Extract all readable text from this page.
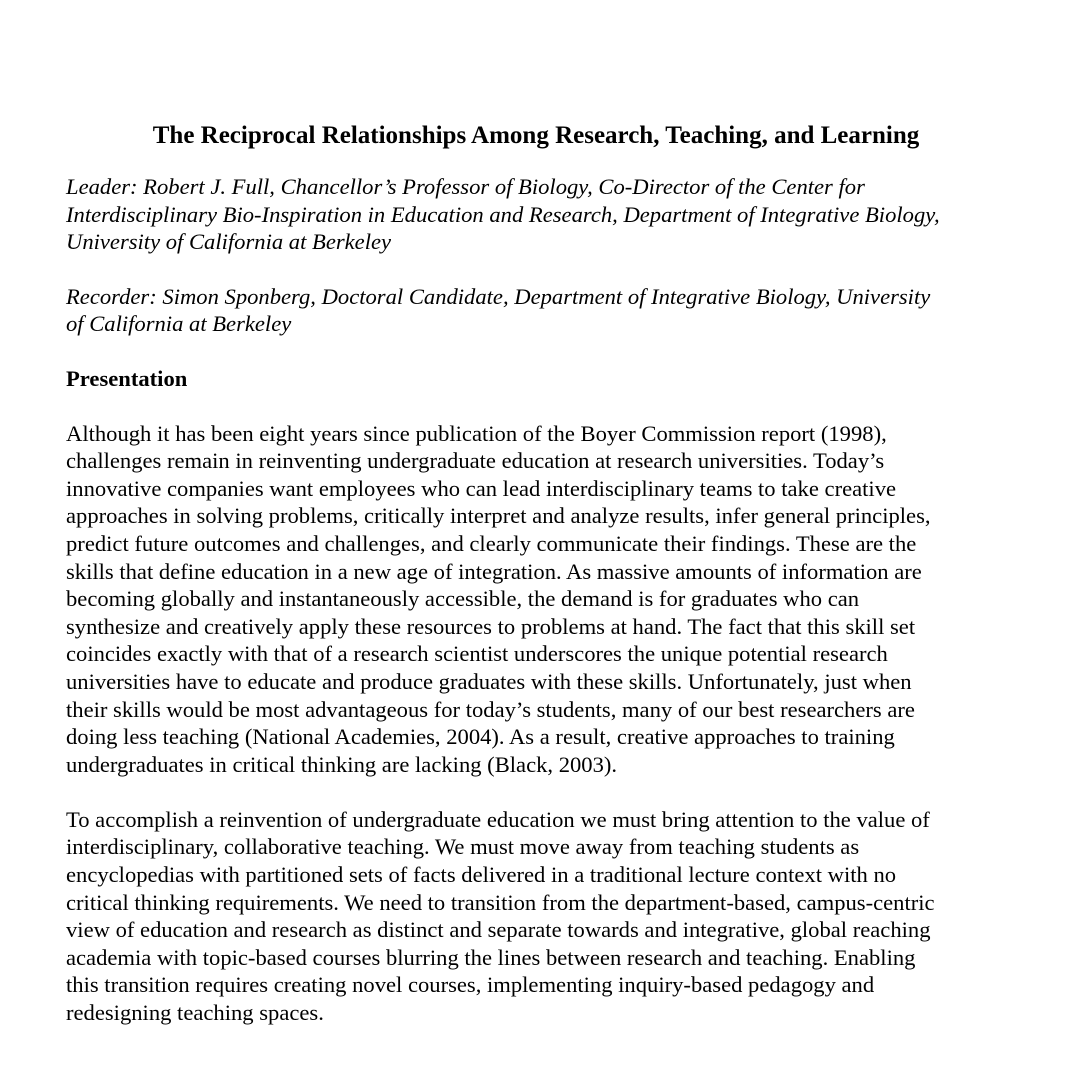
The Reciprocal Relationships Among Research, Teaching, and Learning
Leader: Robert J. Full, Chancellor’s Professor of Biology, Co-Director of the Center for
Interdisciplinary Bio-Inspiration in Education and Research, Department of Integrative Biology,
University of California at Berkeley
Recorder: Simon Sponberg, Doctoral Candidate, Department of Integrative Biology, University
of California at Berkeley
Presentation
Although it has been eight years since publication of the Boyer Commission report (1998),
challenges remain in reinventing undergraduate education at research universities. Today’s
innovative companies want employees who can lead interdisciplinary teams to take creative
approaches in solving problems, critically interpret and analyze results, infer general principles,
predict future outcomes and challenges, and clearly communicate their findings. These are the
skills that define education in a new age of integration. As massive amounts of information are
becoming globally and instantaneously accessible, the demand is for graduates who can
synthesize and creatively apply these resources to problems at hand. The fact that this skill set
coincides exactly with that of a research scientist underscores the unique potential research
universities have to educate and produce graduates with these skills. Unfortunately, just when
their skills would be most advantageous for today’s students, many of our best researchers are
doing less teaching (National Academies, 2004). As a result, creative approaches to training
undergraduates in critical thinking are lacking (Black, 2003).
To accomplish a reinvention of undergraduate education we must bring attention to the value of
interdisciplinary, collaborative teaching. We must move away from teaching students as
encyclopedias with partitioned sets of facts delivered in a traditional lecture context with no
critical thinking requirements. We need to transition from the department-based, campus-centric
view of education and research as distinct and separate towards and integrative, global reaching
academia with topic-based courses blurring the lines between research and teaching. Enabling
this transition requires creating novel courses, implementing inquiry-based pedagogy and
redesigning teaching spaces.
